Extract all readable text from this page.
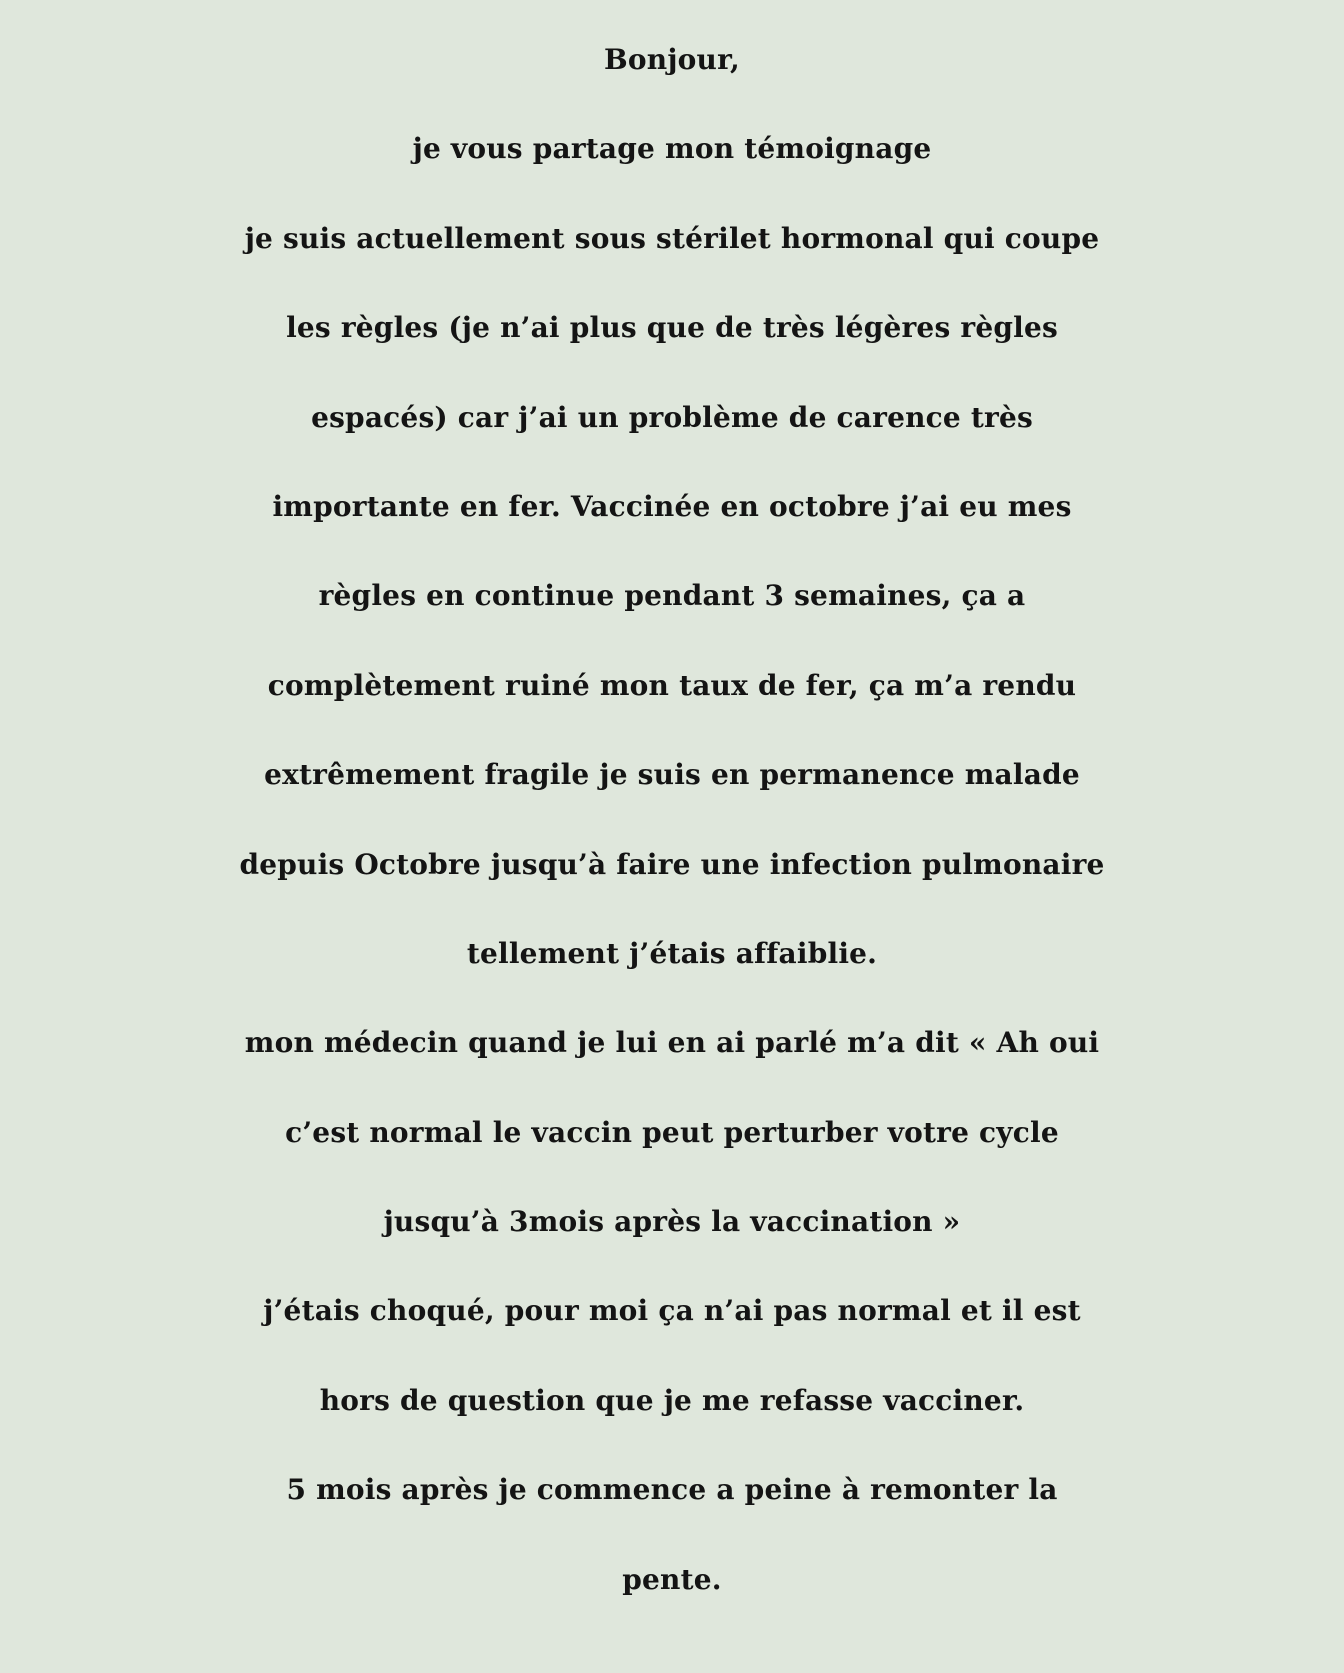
Bonjour,
je vous partage mon témoignage
je suis actuellement sous stérilet hormonal qui coupe
les règles (je n’ai plus que de très légères règles
espacés) car j’ai un problème de carence très
importante en fer. Vaccinée en octobre j’ai eu mes
règles en continue pendant 3 semaines, ça a
complètement ruiné mon taux de fer, ça m’a rendu
extrêmement fragile je suis en permanence malade
depuis Octobre jusqu’à faire une infection pulmonaire
tellement j’étais affaiblie.
mon médecin quand je lui en ai parlé m’a dit « Ah oui
c’est normal le vaccin peut perturber votre cycle
jusqu’à 3mois après la vaccination »
j’étais choqué, pour moi ça n’ai pas normal et il est
hors de question que je me refasse vacciner.
5 mois après je commence a peine à remonter la
pente.
